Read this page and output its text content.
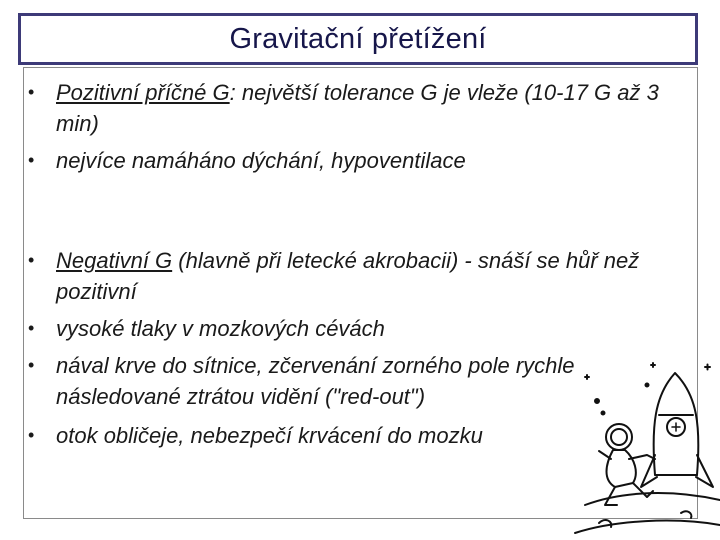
Gravitační přetížení
• Pozitivní příčné G: největší tolerance G je vleže (10-17 G až 3 min)
• nejvíce namáháno dýchání, hypoventilace
• Negativní G (hlavně při letecké akrobacii) - snáší se hůř než pozitivní
• vysoké tlaky v mozkových cévách
• nával krve do sítnice, zčervenání zorného pole rychle následované ztrátou vidění ("red-out")
• otok obličeje, nebezpečí krvácení do mozku
